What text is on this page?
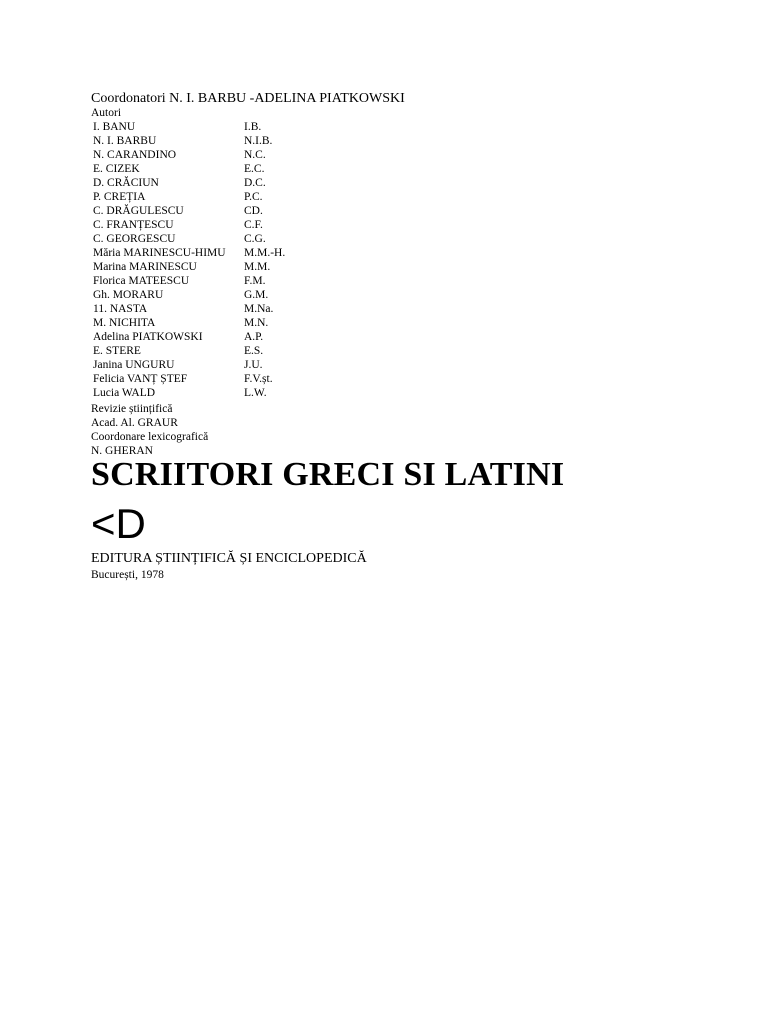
Coordonatori N. I. BARBU -ADELINA PIATKOWSKI
Autori
I. BANU	I.B.
N. I. BARBU	N.I.B.
N. CARANDINO	N.C.
E. CIZEK	E.C.
D. CRĂCIUN	D.C.
P. CREȚIA	P.C.
C. DRĂGULESCU	CD.
C. FRANȚESCU	C.F.
C. GEORGESCU	C.G.
Măria MARINESCU-HIMU	M.M.-H.
Marina MARINESCU	M.M.
Florica MATEESCU	F.M.
Gh. MORARU	G.M.
11. NASTA	M.Na.
M. NICHITA	M.N.
Adelina PIATKOWSKI	A.P.
E. STERE	E.S.
Janina UNGURU	J.U.
Felicia VANȚ ȘTEF	F.V.șt.
Lucia WALD	L.W.
Revizie științifică
Acad. Al. GRAUR
Coordonare lexicografică
N. GHERAN
SCRIITORI GRECI SI LATINI
<D
EDITURA ȘTIINȚIFICĂ ȘI ENCICLOPEDICĂ
București, 1978
